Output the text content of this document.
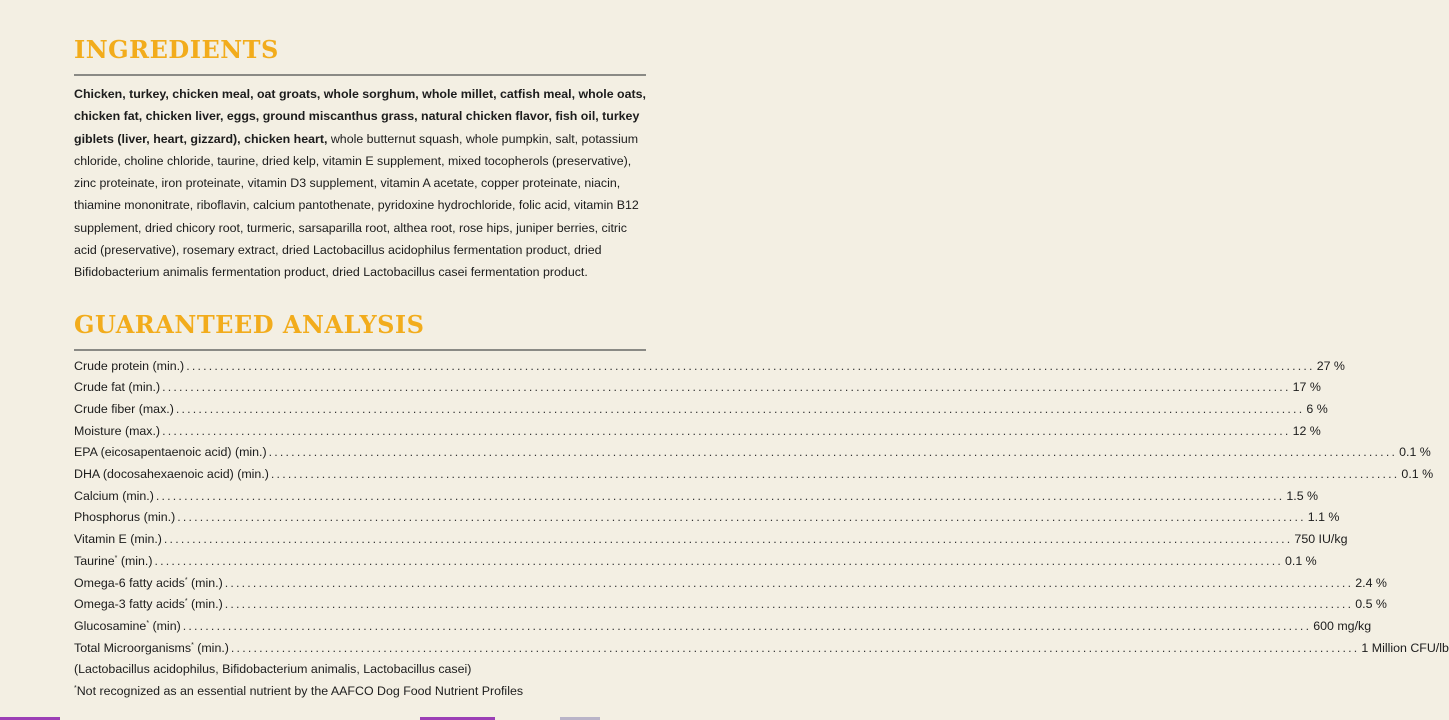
INGREDIENTS

Chicken, turkey, chicken meal, oat groats, whole sorghum, whole millet, catfish meal, whole oats, chicken fat, chicken liver, eggs, ground miscanthus grass, natural chicken flavor, fish oil, turkey giblets (liver, heart, gizzard), chicken heart, whole butternut squash, whole pumpkin, salt, potassium chloride, choline chloride, taurine, dried kelp, vitamin E supplement, mixed tocopherols (preservative), zinc proteinate, iron proteinate, vitamin D3 supplement, vitamin A acetate, copper proteinate, niacin, thiamine mononitrate, riboflavin, calcium pantothenate, pyridoxine hydrochloride, folic acid, vitamin B12 supplement, dried chicory root, turmeric, sarsaparilla root, althea root, rose hips, juniper berries, citric acid (preservative), rosemary extract, dried Lactobacillus acidophilus fermentation product, dried Bifidobacterium animalis fermentation product, dried Lactobacillus casei fermentation product.

GUARANTEED ANALYSIS
Crude protein (min.) ........................................................................................................................................................................................................ 27 %
Crude fat (min.) ........................................................................................................................................................................................................ 17 %
Crude fiber (max.) ........................................................................................................................................................................................................ 6 %
Moisture (max.) ........................................................................................................................................................................................................ 12 %
EPA (eicosapentaenoic acid) (min.) ........................................................................................................................................................................................................ 0.1 %
DHA (docosahexaenoic acid) (min.) ........................................................................................................................................................................................................ 0.1 %
Calcium (min.) ........................................................................................................................................................................................................ 1.5 %
Phosphorus (min.) ........................................................................................................................................................................................................ 1.1 %
Vitamin E (min.) ........................................................................................................................................................................................................ 750 IU/kg
Taurine* (min.) ........................................................................................................................................................................................................ 0.1 %
Omega-6 fatty acids* (min.) ........................................................................................................................................................................................................ 2.4 %
Omega-3 fatty acids* (min.) ........................................................................................................................................................................................................ 0.5 %
Glucosamine* (min) ........................................................................................................................................................................................................ 600 mg/kg
Total Microorganisms* (min.) ........................................................................................................................................................................................................ 1 Million CFU/lb
(Lactobacillus acidophilus, Bifidobacterium animalis, Lactobacillus casei)
*Not recognized as an essential nutrient by the AAFCO Dog Food Nutrient Profiles
